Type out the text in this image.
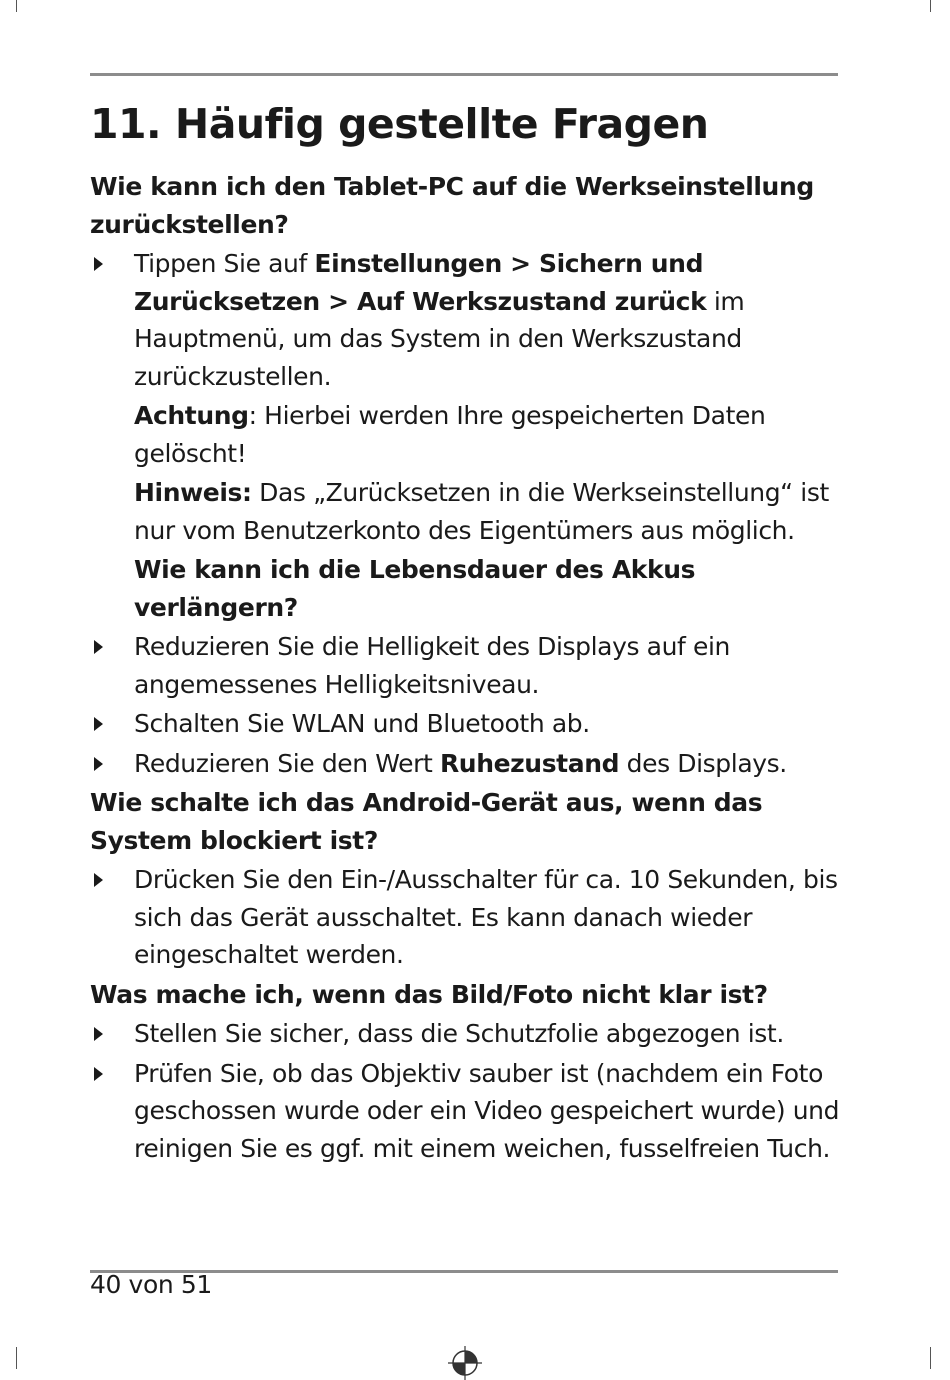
11. Häufig gestellte Fragen

Wie kann ich den Tablet-PC auf die Werkseinstellung zurückstellen?

Tippen Sie auf Einstellungen > Sichern und Zurücksetzen > Auf Werkszustand zurück im Hauptmenü, um das System in den Werkszustand zurückzustellen.
Achtung: Hierbei werden Ihre gespeicherten Daten gelöscht!
Hinweis: Das „Zurücksetzen in die Werkseinstellung“ ist nur vom Benutzerkonto des Eigentümers aus möglich.
Wie kann ich die Lebensdauer des Akkus verlängern?
Reduzieren Sie die Helligkeit des Displays auf ein angemessenes Helligkeitsniveau.
Schalten Sie WLAN und Bluetooth ab.
Reduzieren Sie den Wert Ruhezustand des Displays.

Wie schalte ich das Android-Gerät aus, wenn das System blockiert ist?

Drücken Sie den Ein-/Ausschalter für ca. 10 Sekunden, bis sich das Gerät ausschaltet. Es kann danach wieder eingeschaltet werden.

Was mache ich, wenn das Bild/Foto nicht klar ist?

Stellen Sie sicher, dass die Schutzfolie abgezogen ist.
Prüfen Sie, ob das Objektiv sauber ist (nachdem ein Foto geschossen wurde oder ein Video gespeichert wurde) und reinigen Sie es ggf. mit einem weichen, fusselfreien Tuch.
40 von 51
